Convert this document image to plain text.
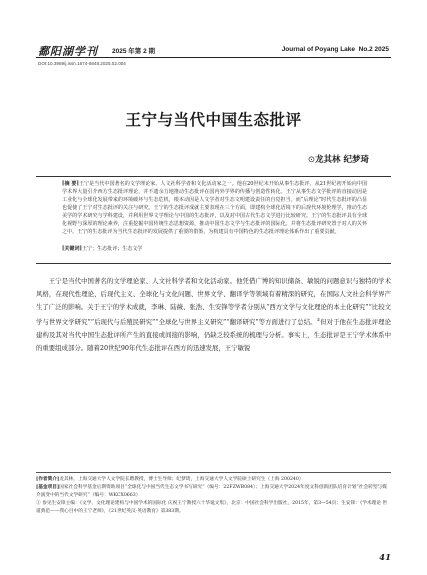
鄱阳湖学刊 2025 年第 2 期	Journal of Poyang Lake No.2 2025
DOI:10.3969/j.issn.1674-6848.2025.02.004
王宁与当代中国生态批评
⊙龙其林 纪梦琦
[摘 要]王宁是当代中国著名的文学理论家、人文社科学者和文化活动家之一。他在20世纪末开始从事生态批评，从21世纪初开始向中国学术界大量引介西方生态批评理论，并不遗余力地推动生态批评在国内外学界的传播与创造性转化。王宁从事生态文学批评的直接动因是工业化与全球化发展带来的环境破坏与生态危机，根本动因是人文学者对生态文明建设责任的自觉担当。而“后理论”时代生态批评的凸显也促使了王宁对生态批评的关注与研究。王宁的生态批评成就主要表现在三个方面，即建构全球化语境下的后现代环境伦理学，推动生态美学的学术研究与学科建设，并利用世界文学理论与中国的生态批评，以及对中国古代生态文学进行比较研究。王宁的生态批评具有全球化视野与深厚的理论素养，注重挖掘中国传统生态思想资源，推动中国生态文学与生态批评的国际化，并将生态批评研究置于对人的关怀之中。王宁的生态批评为当代生态批评的发展提供了重要的借鉴，为构建具有中国特色的生态批评理论体系作出了重要贡献。
[关键词]王宁；生态批评；生态文学
王宁是当代中国著名的文学理论家、人文社科学者和文化活动家。他凭借广博的知识储备、敏锐的问题意识与独特的学术风格，在现代性理论、后现代主义、全球化与文化问题、世界文学、翻译学等领域有着精深的研究，在国际人文社会科学界产生了广泛的影响。关于王宁的学术成就，李琳、陆薇、张浩、生安锋等学者分别从“西方文学与文化理论的本土化研究”“比较文学与世界文学研究”“后现代与后殖民研究”“全球化与世界主义研究”“翻译研究”等方面进行了总结。①但对于他在生态批评理论建构及其对当代中国生态批评所产生的直接或间接的影响，仍缺乏较系统的梳理与分析。事实上，生态批评是王宁学术体系中的重要组成部分。随着20世纪90年代生态批评在西方的迅速发展，王宁敏锐
[作者简介]龙其林，上海交通大学人文学院长聘教授，博士生导师；纪梦琦，上海交通大学人文学院硕士研究生（上海 200240）
[基金项目]国家社会科学基金后期资助项目“全球化与中国当代生态文学书写研究”（编号：22FZWB084）；上海交通大学2024年度文科创新团队培育计划“社会转型与媒介演变中的当代文学研究”（编号：WKCX0663）
① 参见生安锋主编：《文学、文化理论建构与中国学术的国际化 庆祝王宁教授六十华诞文集》，北京：中国社会科学出版社，2015年，第3—54页；生安锋：《学术理论 世道典范——我心目中的王宁老师》，《21世纪英汉·英语教育》第383期。
41
